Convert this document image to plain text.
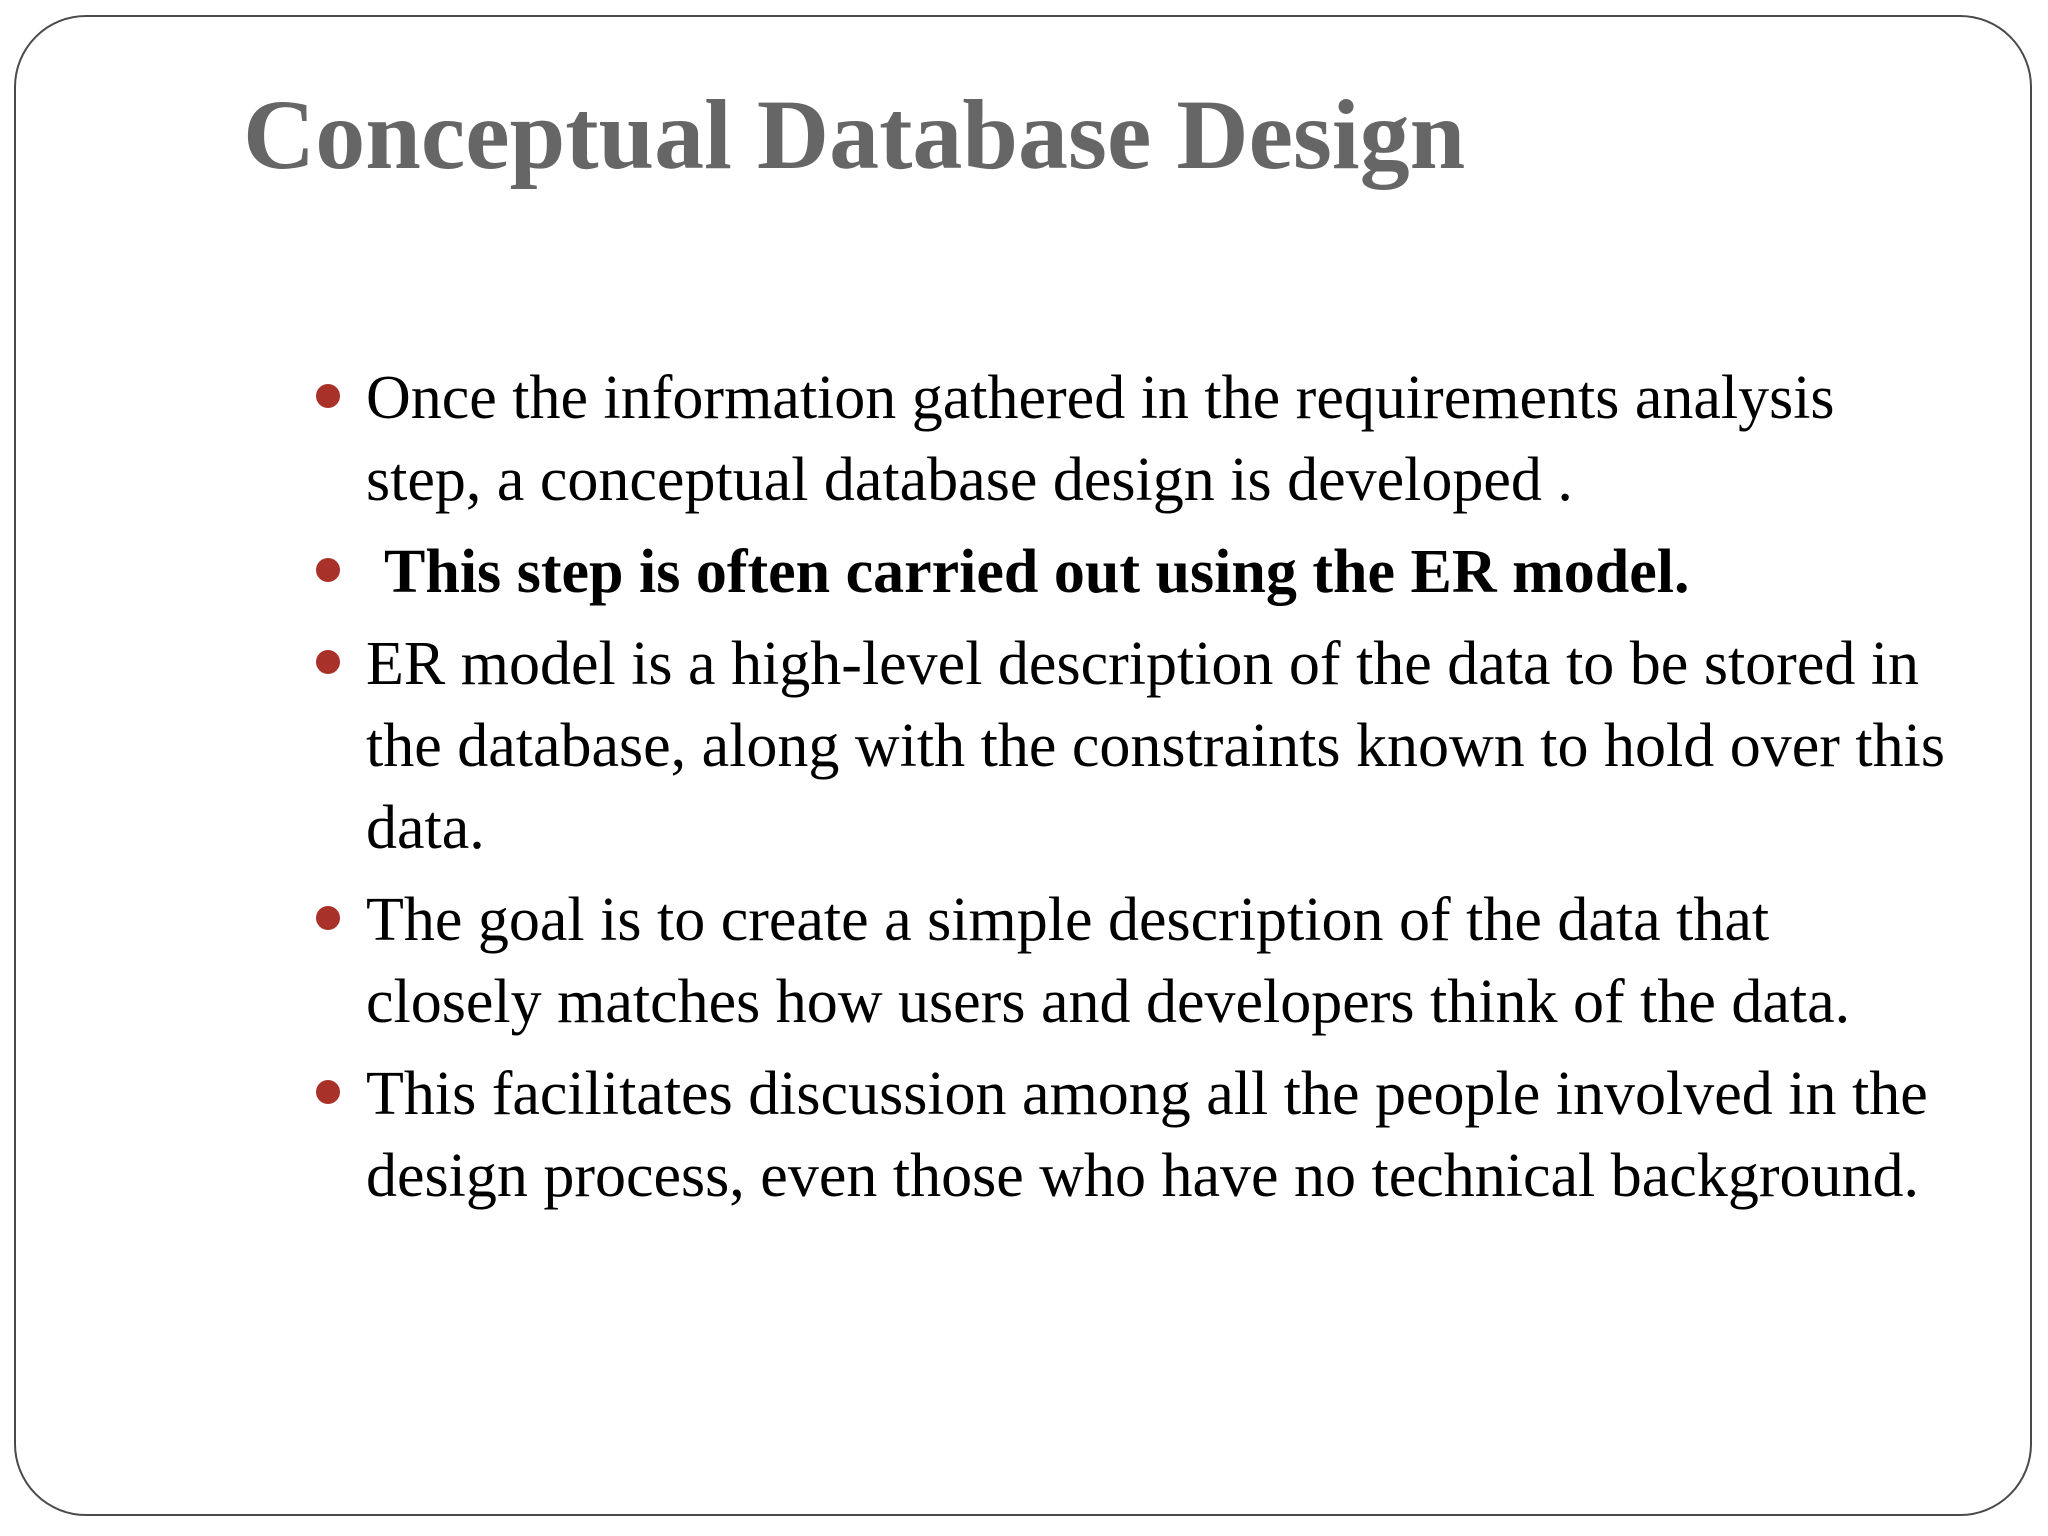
Conceptual Database Design
Once the information gathered in the requirements analysis step, a conceptual database design is developed .
This step is often carried out using the ER model.
ER model is a high-level description of the data to be stored in the database, along with the constraints known to hold over this data.
The goal is to create a simple description of the data that closely matches how users and developers think of the data.
This facilitates discussion among all the people involved in the design process, even those who have no technical background.
